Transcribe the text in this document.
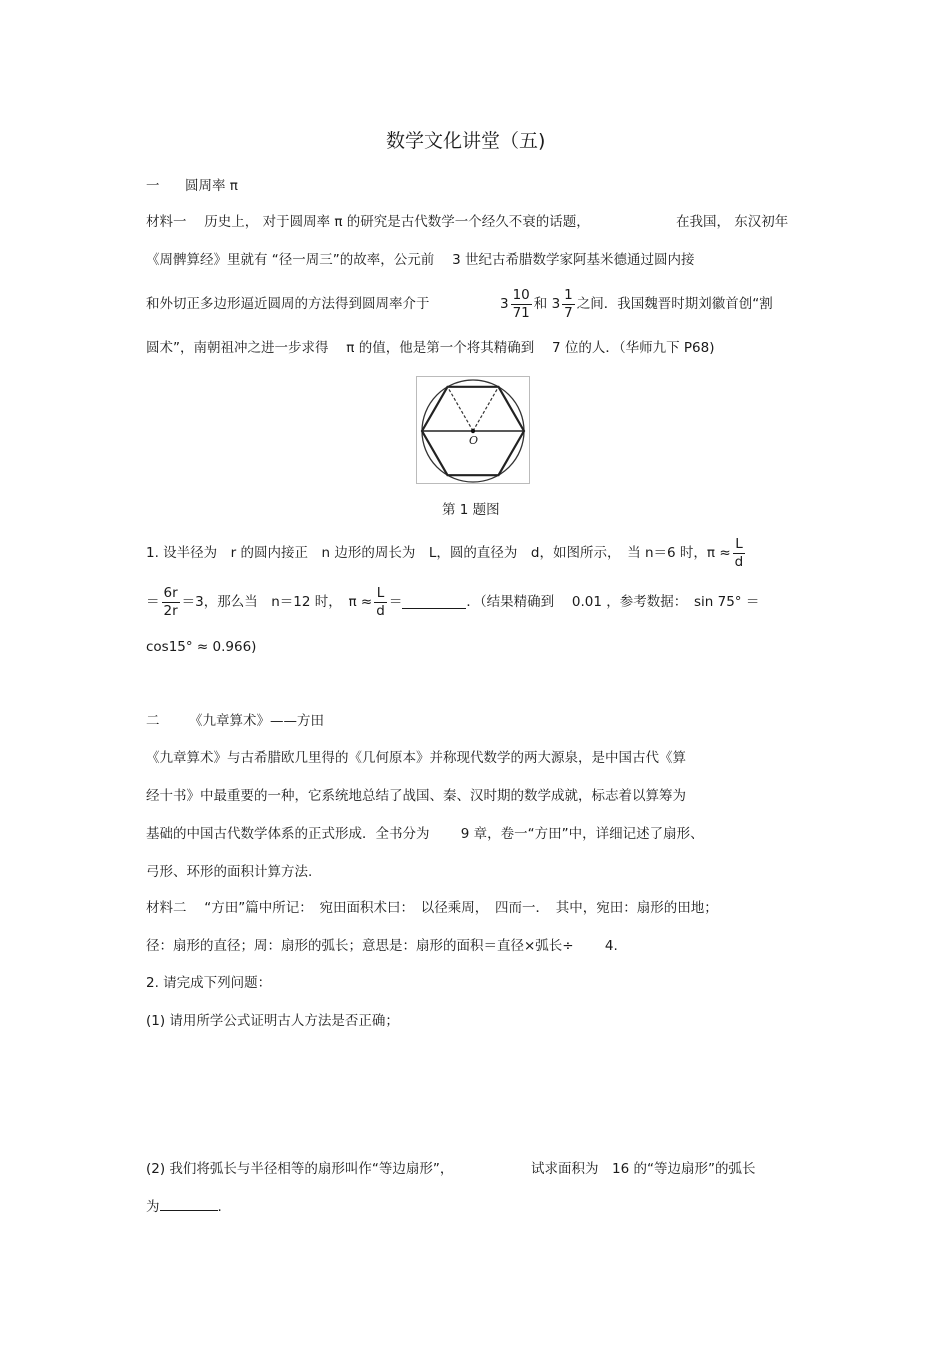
数学文化讲堂（五)
一 圆周率 π
材料一　 历史上， 对于圆周率 π 的研究是古代数学一个经久不衰的话题，	在我国， 东汉初年
《周髀算经》里就有 “径一周三”的故率，公元前　 3 世纪古希腊数学家阿基米德通过圆内接
和外切正多边形逼近圆周的方法得到圆周率介于	$3 \frac{10}{71}$ 和 $3 \frac{1}{7}$ 之间．我国魏晋时期刘徽首创“割
圆术”，南朝祖冲之进一步求得　 π 的值，他是第一个将其精确到　 7 位的人．（华师九下 P68)
O
第 1 题图
1. 设半径为　r 的圆内接正　n 边形的周长为　L，圆的直径为　d，如图所示，　当 n＝6 时，$\pi \approx \frac{L}{d}$
＝ $\frac{6r}{2r} =3$，那么当　n＝12 时，　$\pi \approx \frac{L}{d}$ ＝	．（结果精确到　 0.01 ，参考数据：　sin 75° ＝
cos15° ≈ 0.966)
二 《九章算术》——方田
《九章算术》与古希腊欧几里得的《几何原本》并称现代数学的两大源泉，是中国古代《算
经十书》中最重要的一种，它系统地总结了战国、秦、汉时期的数学成就，标志着以算筹为
基础的中国古代数学体系的正式形成．全书分为　　 9 章，卷一“方田”中，详细记述了扇形、
弓形、环形的面积计算方法.
材料二　 “方田”篇中所记：　宛田面积术曰：　以径乘周，　四而一．　其中，宛田：扇形的田地；
径：扇形的直径；周：扇形的弧长；意思是：扇形的面积＝直径×弧长÷　　 4.
2. 请完成下列问题：
(1) 请用所学公式证明古人方法是否正确；
(2) 我们将弧长与半径相等的扇形叫作“等边扇形”，	试求面积为　16 的“等边扇形”的弧长
为	.
